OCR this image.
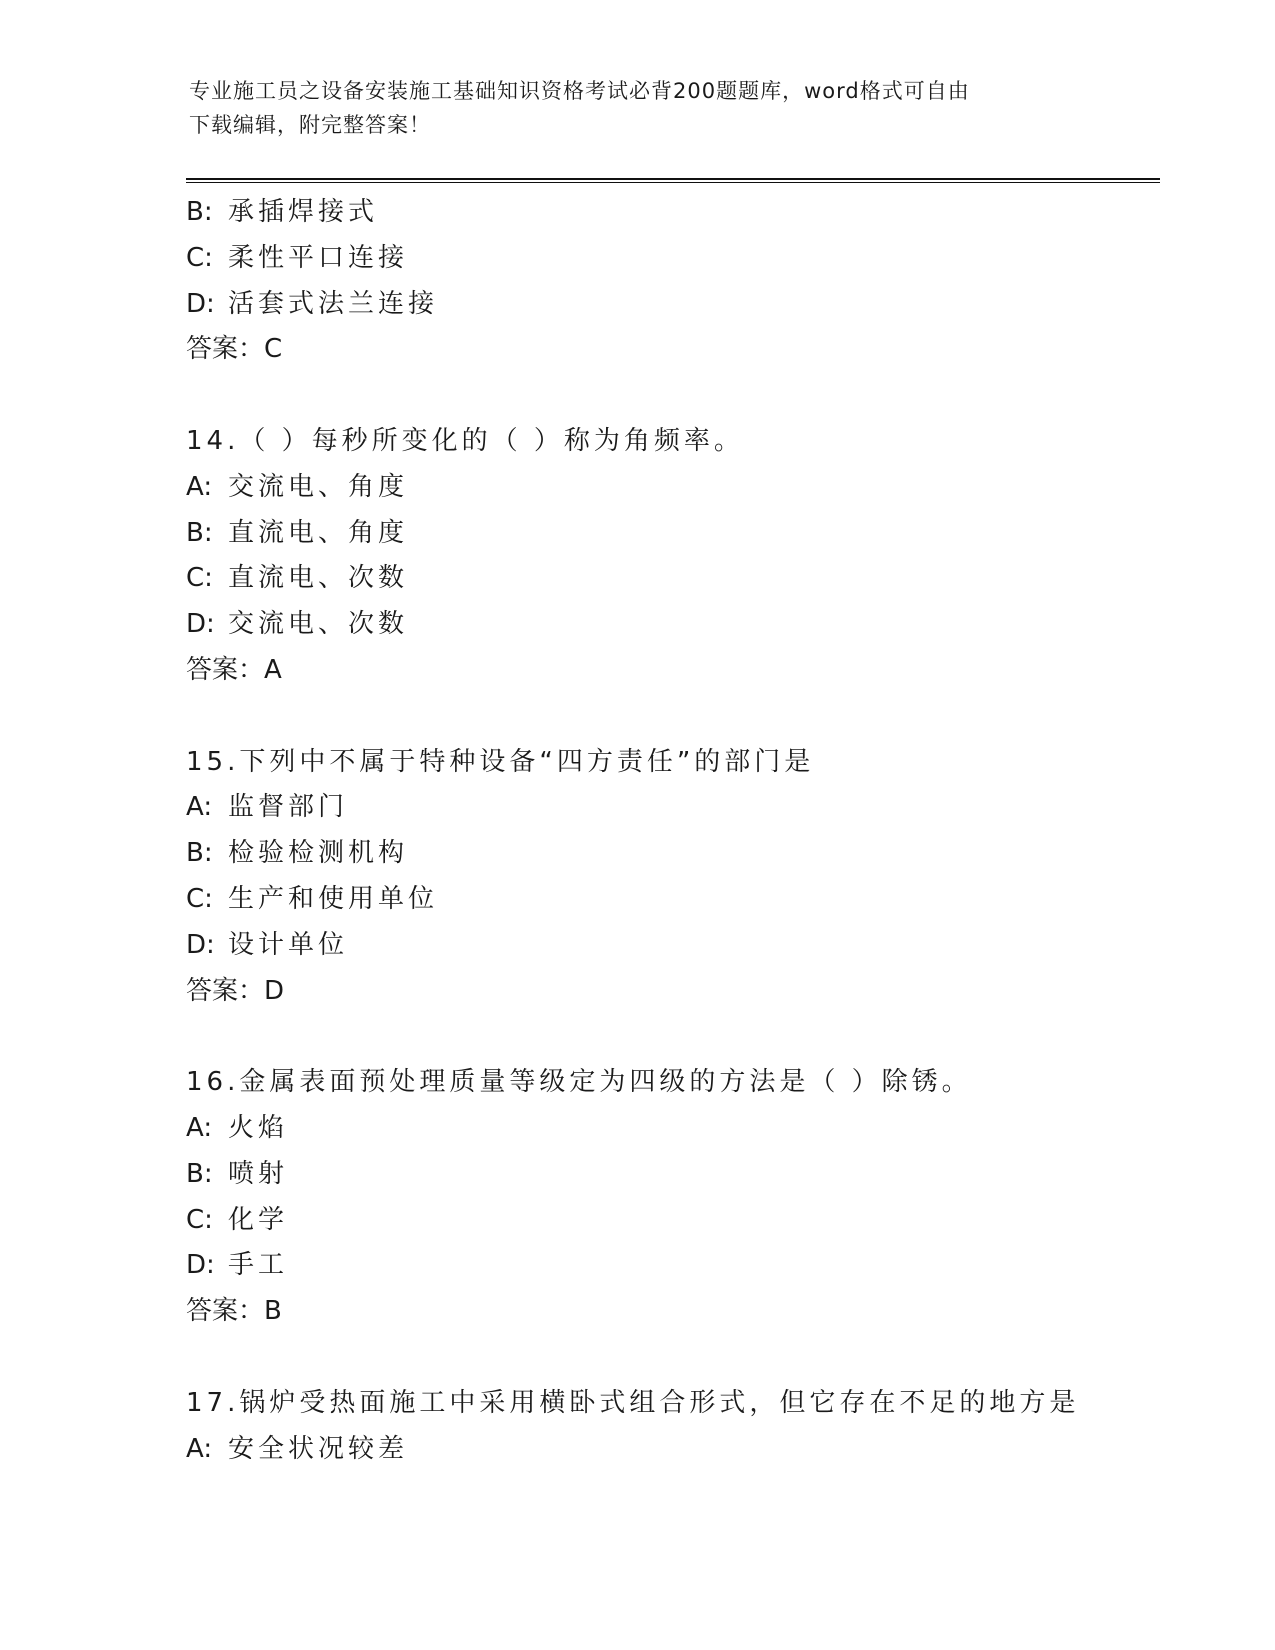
专业施工员之设备安装施工基础知识资格考试必背200题题库，word格式可自由
下载编辑，附完整答案！
B: 承插焊接式
C: 柔性平口连接
D: 活套式法兰连接
答案：C
14.（ ）每秒所变化的（ ）称为角频率。
A: 交流电、角度
B: 直流电、角度
C: 直流电、次数
D: 交流电、次数
答案：A
15.下列中不属于特种设备“四方责任”的部门是
A: 监督部门
B: 检验检测机构
C: 生产和使用单位
D: 设计单位
答案：D
16.金属表面预处理质量等级定为四级的方法是（ ）除锈。
A: 火焰
B: 喷射
C: 化学
D: 手工
答案：B
17.锅炉受热面施工中采用横卧式组合形式，但它存在不足的地方是
A: 安全状况较差
